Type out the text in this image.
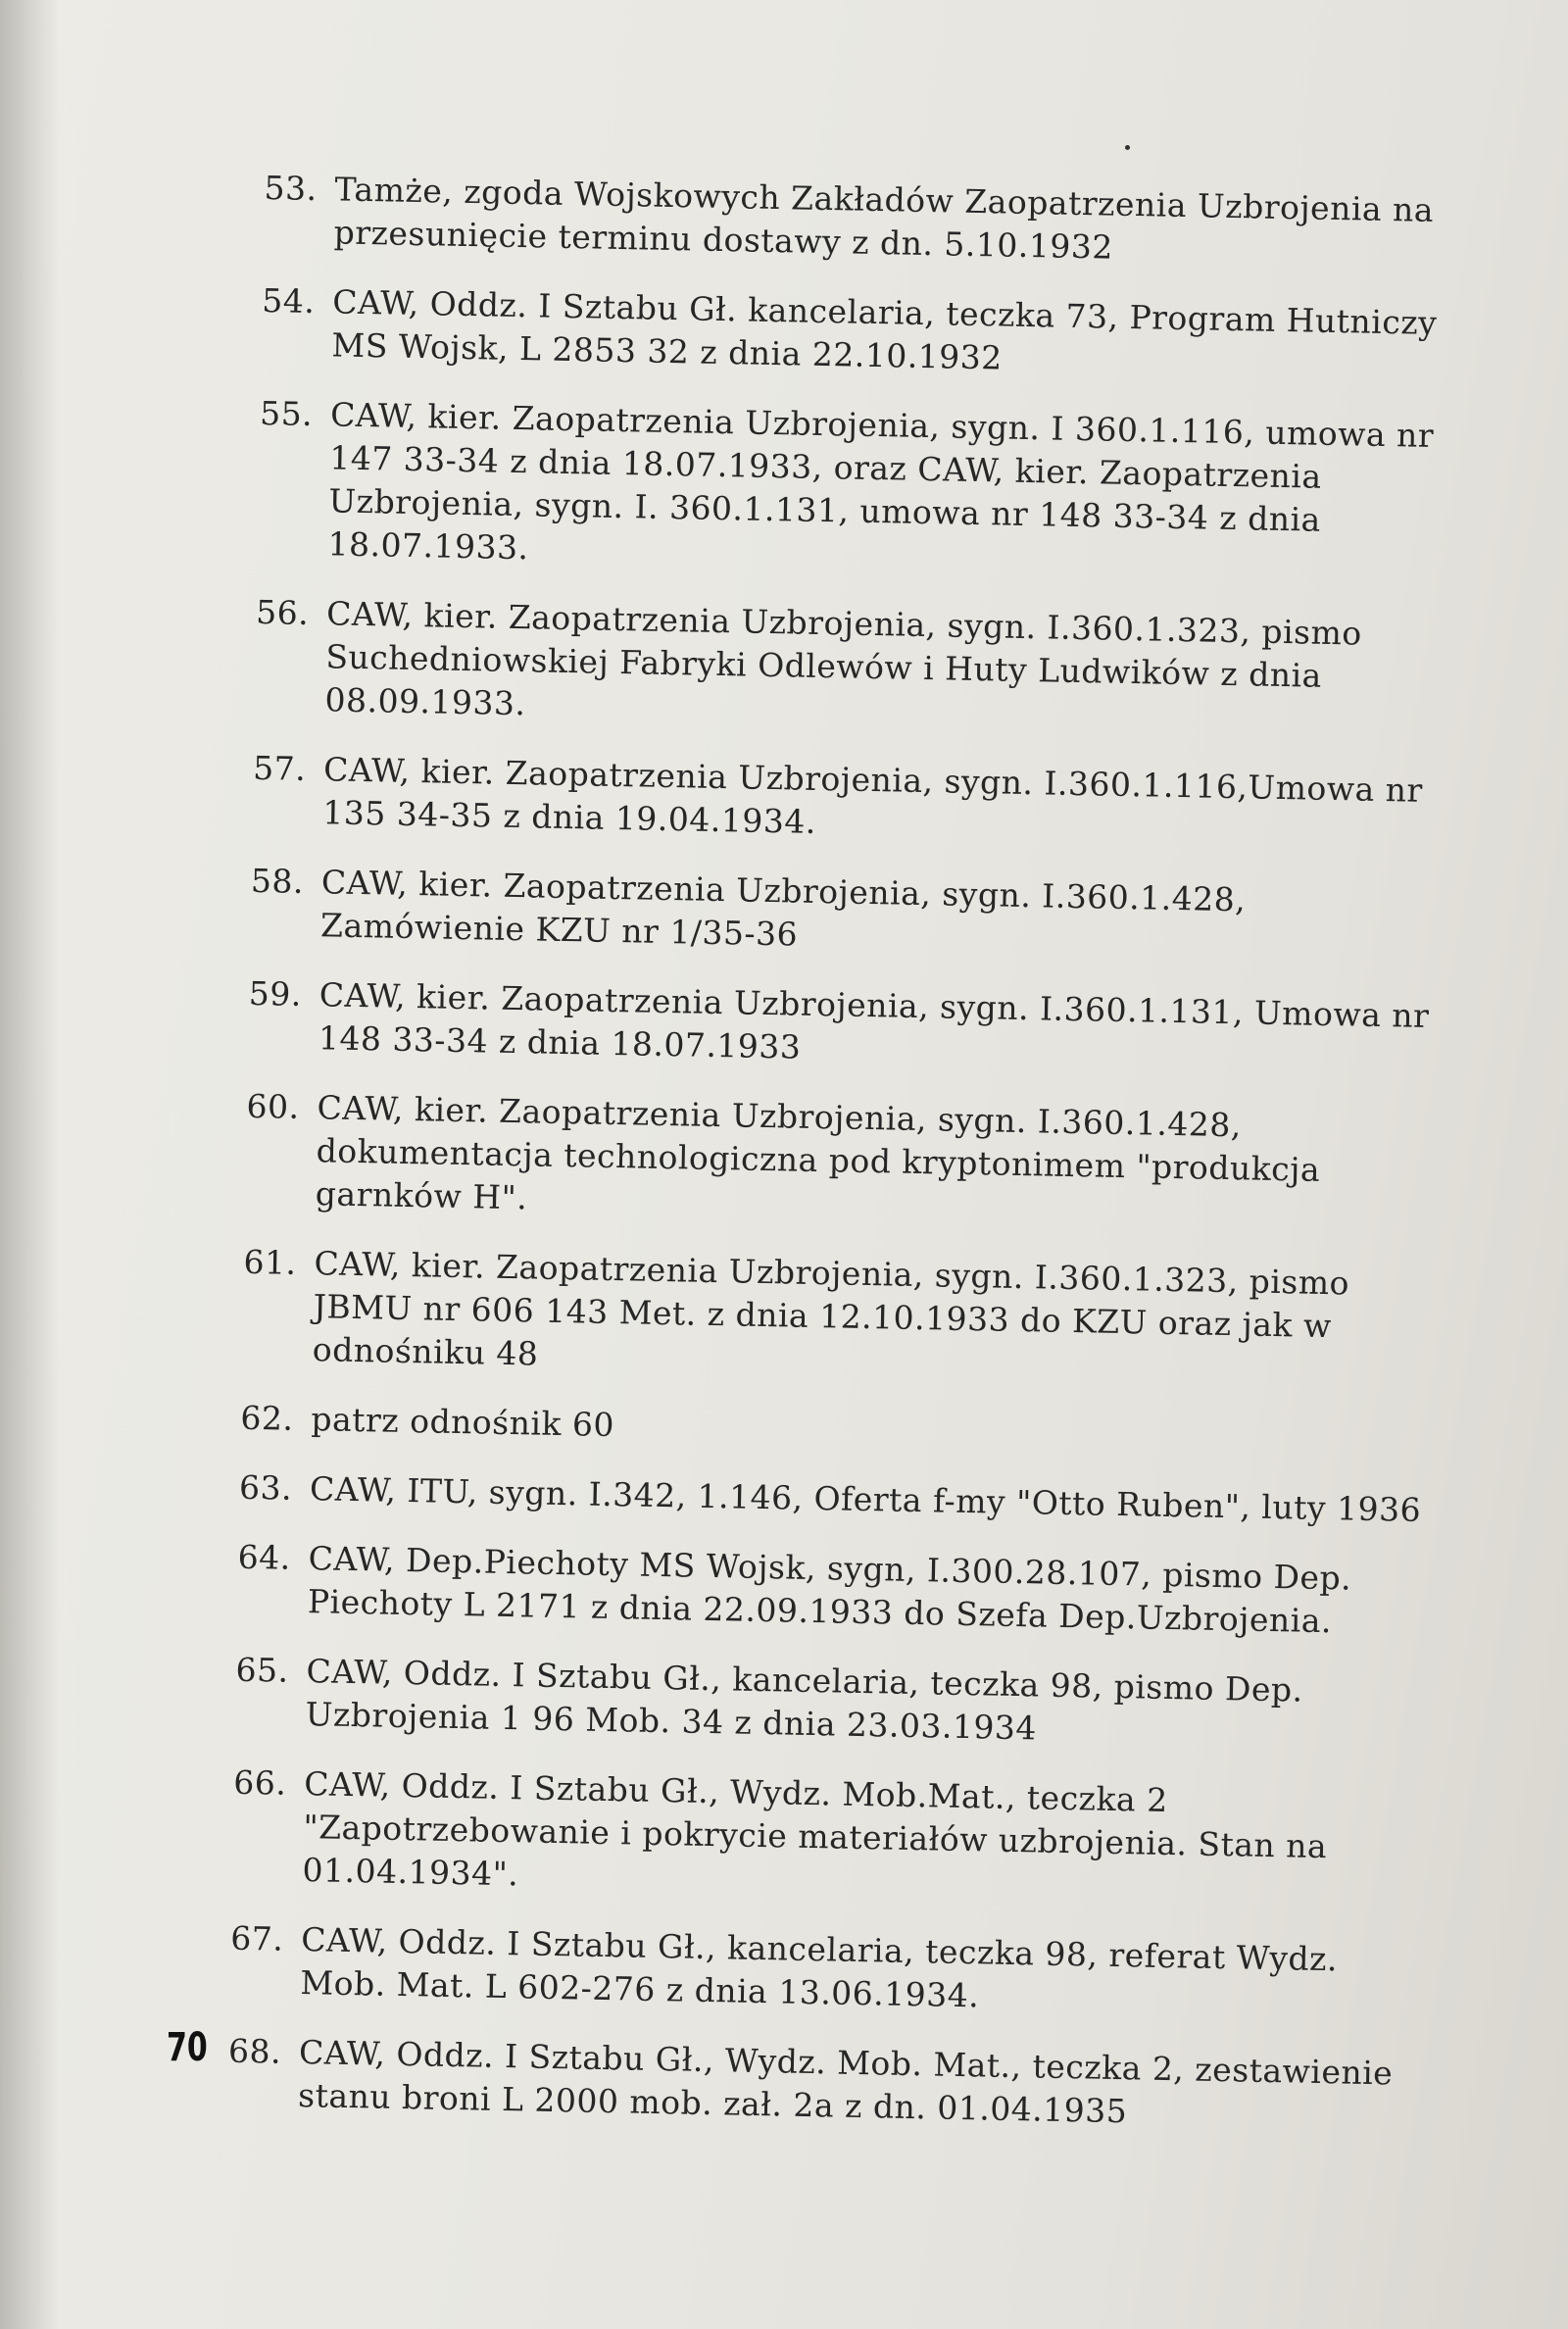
53. Tamże, zgoda Wojskowych Zakładów Zaopatrzenia Uzbrojenia na przesunięcie terminu dostawy z dn. 5.10.1932
54. CAW, Oddz. I Sztabu Gł. kancelaria, teczka 73, Program Hutniczy MS Wojsk, L 2853 32 z dnia 22.10.1932
55. CAW, kier. Zaopatrzenia Uzbrojenia, sygn. I 360.1.116, umowa nr 147 33-34 z dnia 18.07.1933, oraz CAW, kier. Zaopatrzenia Uzbrojenia, sygn. I. 360.1.131, umowa nr 148 33-34 z dnia 18.07.1933.
56. CAW, kier. Zaopatrzenia Uzbrojenia, sygn. I.360.1.323, pismo Suchedniowskiej Fabryki Odlewów i Huty Ludwików z dnia 08.09.1933.
57. CAW, kier. Zaopatrzenia Uzbrojenia, sygn. I.360.1.116,Umowa nr 135 34-35 z dnia 19.04.1934.
58. CAW, kier. Zaopatrzenia Uzbrojenia, sygn. I.360.1.428, Zamówienie KZU nr 1/35-36
59. CAW, kier. Zaopatrzenia Uzbrojenia, sygn. I.360.1.131, Umowa nr 148 33-34 z dnia 18.07.1933
60. CAW, kier. Zaopatrzenia Uzbrojenia, sygn. I.360.1.428, dokumentacja technologiczna pod kryptonimem "produkcja garnków H".
61. CAW, kier. Zaopatrzenia Uzbrojenia, sygn. I.360.1.323, pismo JBMU nr 606 143 Met. z dnia 12.10.1933 do KZU oraz jak w odnośniku 48
62. patrz odnośnik 60
63. CAW, ITU, sygn. I.342, 1.146, Oferta f-my "Otto Ruben", luty 1936
64. CAW, Dep.Piechoty MS Wojsk, sygn, I.300.28.107, pismo Dep. Piechoty L 2171 z dnia 22.09.1933 do Szefa Dep.Uzbrojenia.
65. CAW, Oddz. I Sztabu Gł., kancelaria, teczka 98, pismo Dep. Uzbrojenia 1 96 Mob. 34 z dnia 23.03.1934
66. CAW, Oddz. I Sztabu Gł., Wydz. Mob.Mat., teczka 2 "Zapotrzebowanie i pokrycie materiałów uzbrojenia. Stan na 01.04.1934".
67. CAW, Oddz. I Sztabu Gł., kancelaria, teczka 98, referat Wydz. Mob. Mat. L 602-276 z dnia 13.06.1934.
68. CAW, Oddz. I Sztabu Gł., Wydz. Mob. Mat., teczka 2, zestawienie stanu broni L 2000 mob. zał. 2a z dn. 01.04.1935
70
